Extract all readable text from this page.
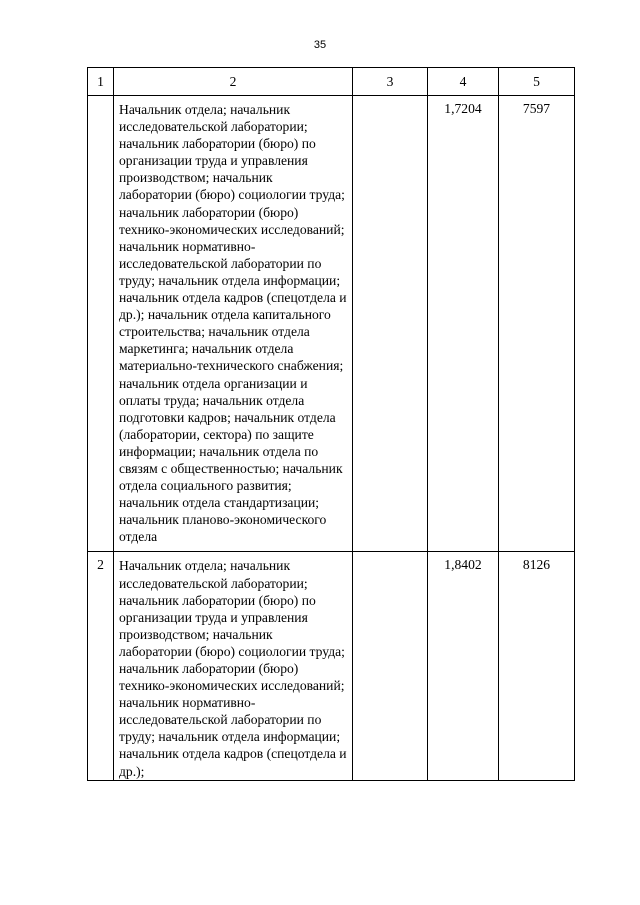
35
1	2	3	4	5
	Начальник отдела; начальник исследовательской лаборатории; начальник лаборатории (бюро) по организации труда и управления производством; начальник лаборатории (бюро) социологии труда; начальник лаборатории (бюро) технико-экономических исследований; начальник нормативно-исследовательской лаборатории по труду; начальник отдела информации; начальник отдела кадров (спецотдела и др.); начальник отдела капитального строительства; начальник отдела маркетинга; начальник отдела материально-технического снабжения; начальник отдела организации и оплаты труда; начальник отдела подготовки кадров; начальник отдела (лаборатории, сектора) по защите информации; начальник отдела по связям с общественностью; начальник отдела социального развития; начальник отдела стандартизации; начальник планово-экономического отдела		1,7204	7597
2	Начальник отдела; начальник исследовательской лаборатории; начальник лаборатории (бюро) по организации труда и управления производством; начальник лаборатории (бюро) социологии труда; начальник лаборатории (бюро) технико-экономических исследований; начальник нормативно-исследовательской лаборатории по труду; начальник отдела информации; начальник отдела кадров (спецотдела и др.);		1,8402	8126
